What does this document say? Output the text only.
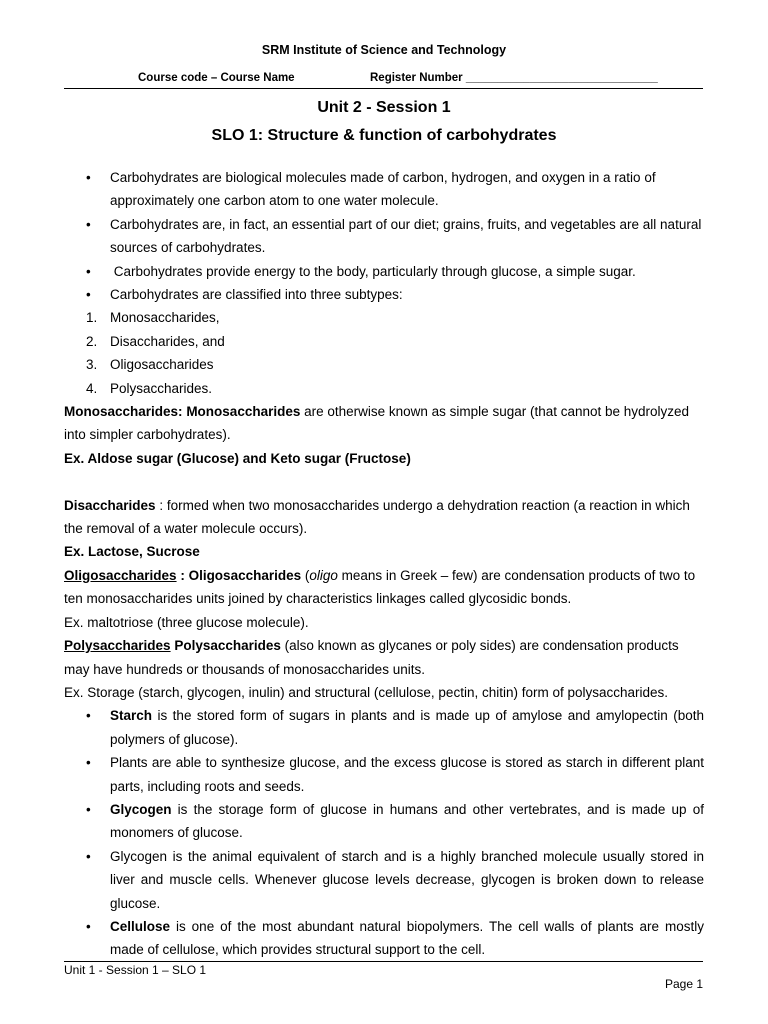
SRM Institute of Science and Technology
Course code – Course Name	Register Number ______________________________
Unit 2 - Session 1
SLO 1: Structure & function of carbohydrates
• Carbohydrates are biological molecules made of carbon, hydrogen, and oxygen in a ratio of approximately one carbon atom to one water molecule.

• Carbohydrates are, in fact, an essential part of our diet; grains, fruits, and vegetables are all natural sources of carbohydrates.

• Carbohydrates provide energy to the body, particularly through glucose, a simple sugar.

• Carbohydrates are classified into three subtypes:

1. Monosaccharides,

2. Disaccharides, and

3. Oligosaccharides

4. Polysaccharides.

Monosaccharides: Monosaccharides are otherwise known as simple sugar (that cannot be hydrolyzed into simpler carbohydrates).

Ex. Aldose sugar (Glucose) and Keto sugar (Fructose)

Disaccharides : formed when two monosaccharides undergo a dehydration reaction (a reaction in which the removal of a water molecule occurs).

Ex. Lactose, Sucrose

Oligosaccharides : Oligosaccharides (oligo means in Greek – few) are condensation products of two to ten monosaccharides units joined by characteristics linkages called glycosidic bonds.

Ex. maltotriose (three glucose molecule).

Polysaccharides Polysaccharides (also known as glycanes or poly sides) are condensation products may have hundreds or thousands of monosaccharides units.

Ex. Storage (starch, glycogen, inulin) and structural (cellulose, pectin, chitin) form of polysaccharides.

• Starch is the stored form of sugars in plants and is made up of amylose and amylopectin (both polymers of glucose).

• Plants are able to synthesize glucose, and the excess glucose is stored as starch in different plant parts, including roots and seeds.

• Glycogen is the storage form of glucose in humans and other vertebrates, and is made up of monomers of glucose.

• Glycogen is the animal equivalent of starch and is a highly branched molecule usually stored in liver and muscle cells. Whenever glucose levels decrease, glycogen is broken down to release glucose.

• Cellulose is one of the most abundant natural biopolymers. The cell walls of plants are mostly made of cellulose, which provides structural support to the cell.

Unit 1 - Session 1 – SLO 1
Page 1
